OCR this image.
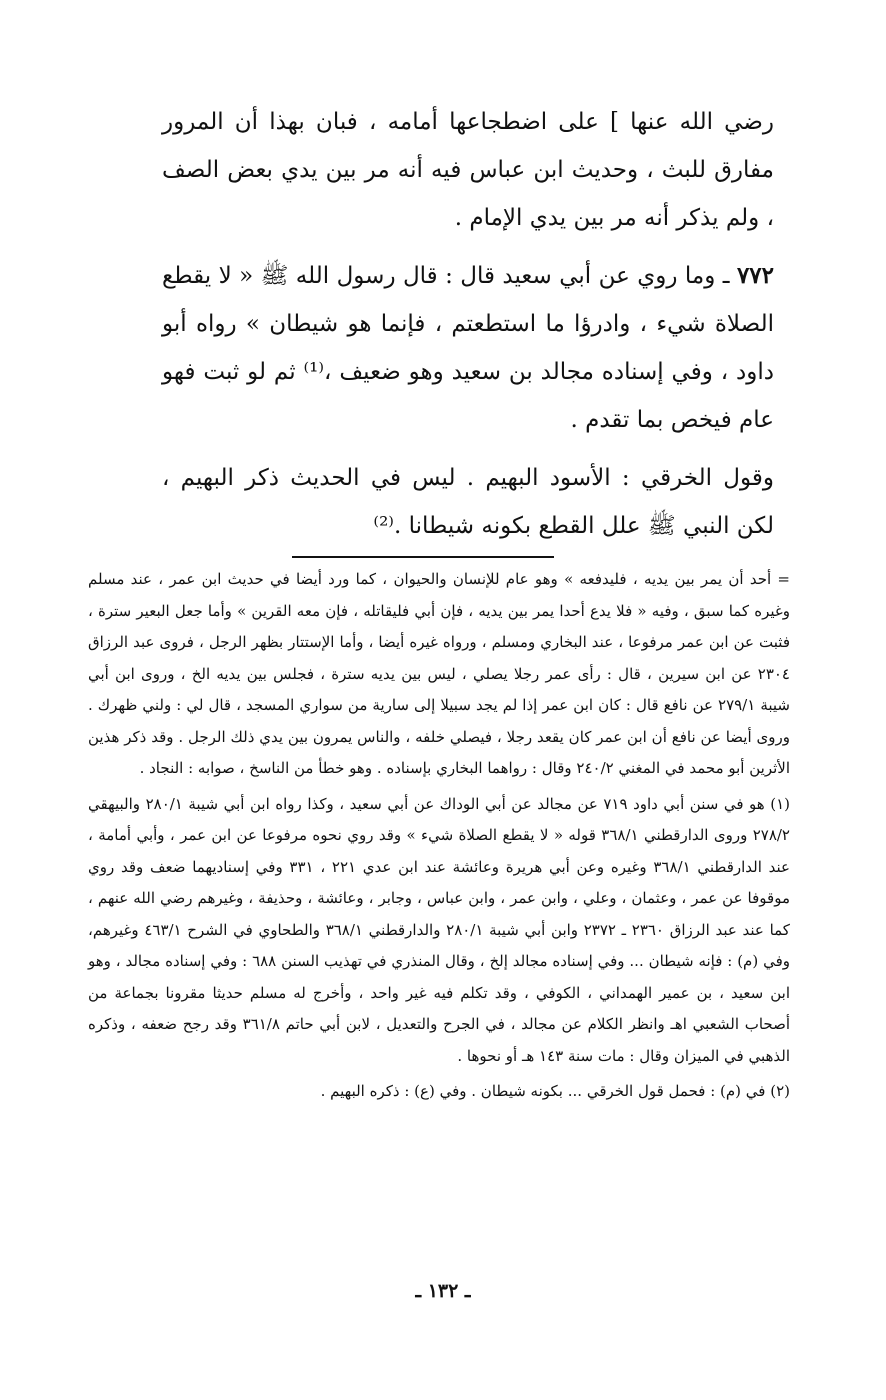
رضي الله عنها ] على اضطجاعها أمامه ، فبان بهذا أن المرور مفارق للبث ، وحديث ابن عباس فيه أنه مر بين يدي بعض الصف ، ولم يذكر أنه مر بين يدي الإمام .

٧٧٢ ـ وما روي عن أبي سعيد قال : قال رسول الله ﷺ « لا يقطع الصلاة شيء ، وادرؤا ما استطعتم ، فإنما هو شيطان » رواه أبو داود ، وفي إسناده مجالد بن سعيد وهو ضعيف ،⁽¹⁾ ثم لو ثبت فهو عام فيخص بما تقدم .

وقول الخرقي : الأسود البهيم . ليس في الحديث ذكر البهيم ، لكن النبي ﷺ علل القطع بكونه شيطانا .⁽²⁾

= أحد أن يمر بين يديه ، فليدفعه » وهو عام للإنسان والحيوان ، كما ورد أيضا في حديث ابن عمر ، عند مسلم وغيره كما سبق ، وفيه « فلا يدع أحدا يمر بين يديه ، فإن أبي فليقاتله ، فإن معه القرين » وأما جعل البعير سترة ، فثبت عن ابن عمر مرفوعا ، عند البخاري ومسلم ، ورواه غيره أيضا ، وأما الإستتار بظهر الرجل ، فروى عبد الرزاق ٢٣٠٤ عن ابن سيرين ، قال : رأى عمر رجلا يصلي ، ليس بين يديه سترة ، فجلس بين يديه الخ ، وروى ابن أبي شيبة ٢٧٩/١ عن نافع قال : كان ابن عمر إذا لم يجد سبيلا إلى سارية من سواري المسجد ، قال لي : ولني ظهرك . وروى أيضا عن نافع أن ابن عمر كان يقعد رجلا ، فيصلي خلفه ، والناس يمرون بين يدي ذلك الرجل . وقد ذكر هذين الأثرين أبو محمد في المغني ٢٤٠/٢ وقال : رواهما البخاري بإسناده . وهو خطأ من الناسخ ، صوابه : النجاد .

(١) هو في سنن أبي داود ٧١٩ عن مجالد عن أبي الوداك عن أبي سعيد ، وكذا رواه ابن أبي شيبة ٢٨٠/١ والبيهقي ٢٧٨/٢ وروى الدارقطني ٣٦٨/١ قوله « لا يقطع الصلاة شيء » وقد روي نحوه مرفوعا عن ابن عمر ، وأبي أمامة ، عند الدارقطني ٣٦٨/١ وغيره وعن أبي هريرة وعائشة عند ابن عدي ٢٢١ ، ٣٣١ وفي إسناديهما ضعف وقد روي موقوفا عن عمر ، وعثمان ، وعلي ، وابن عمر ، وابن عباس ، وجابر ، وعائشة ، وحذيفة ، وغيرهم رضي الله عنهم ، كما عند عبد الرزاق ٢٣٦٠ ـ ٢٣٧٢ وابن أبي شيبة ٢٨٠/١ والدارقطني ٣٦٨/١ والطحاوي في الشرح ٤٦٣/١ وغيرهم، وفي (م) : فإنه شيطان ... وفي إسناده مجالد إلخ ، وقال المنذري في تهذيب السنن ٦٨٨ : وفي إسناده مجالد ، وهو ابن سعيد ، بن عمير الهمداني ، الكوفي ، وقد تكلم فيه غير واحد ، وأخرج له مسلم حديثا مقرونا بجماعة من أصحاب الشعبي اهـ وانظر الكلام عن مجالد ، في الجرح والتعديل ، لابن أبي حاتم ٣٦١/٨ وقد رجح ضعفه ، وذكره الذهبي في الميزان وقال : مات سنة ١٤٣ هـ أو نحوها .

(٢) في (م) : فحمل قول الخرقي ... بكونه شيطان . وفي (ع) : ذكره البهيم .

ـ ١٣٢ ـ
